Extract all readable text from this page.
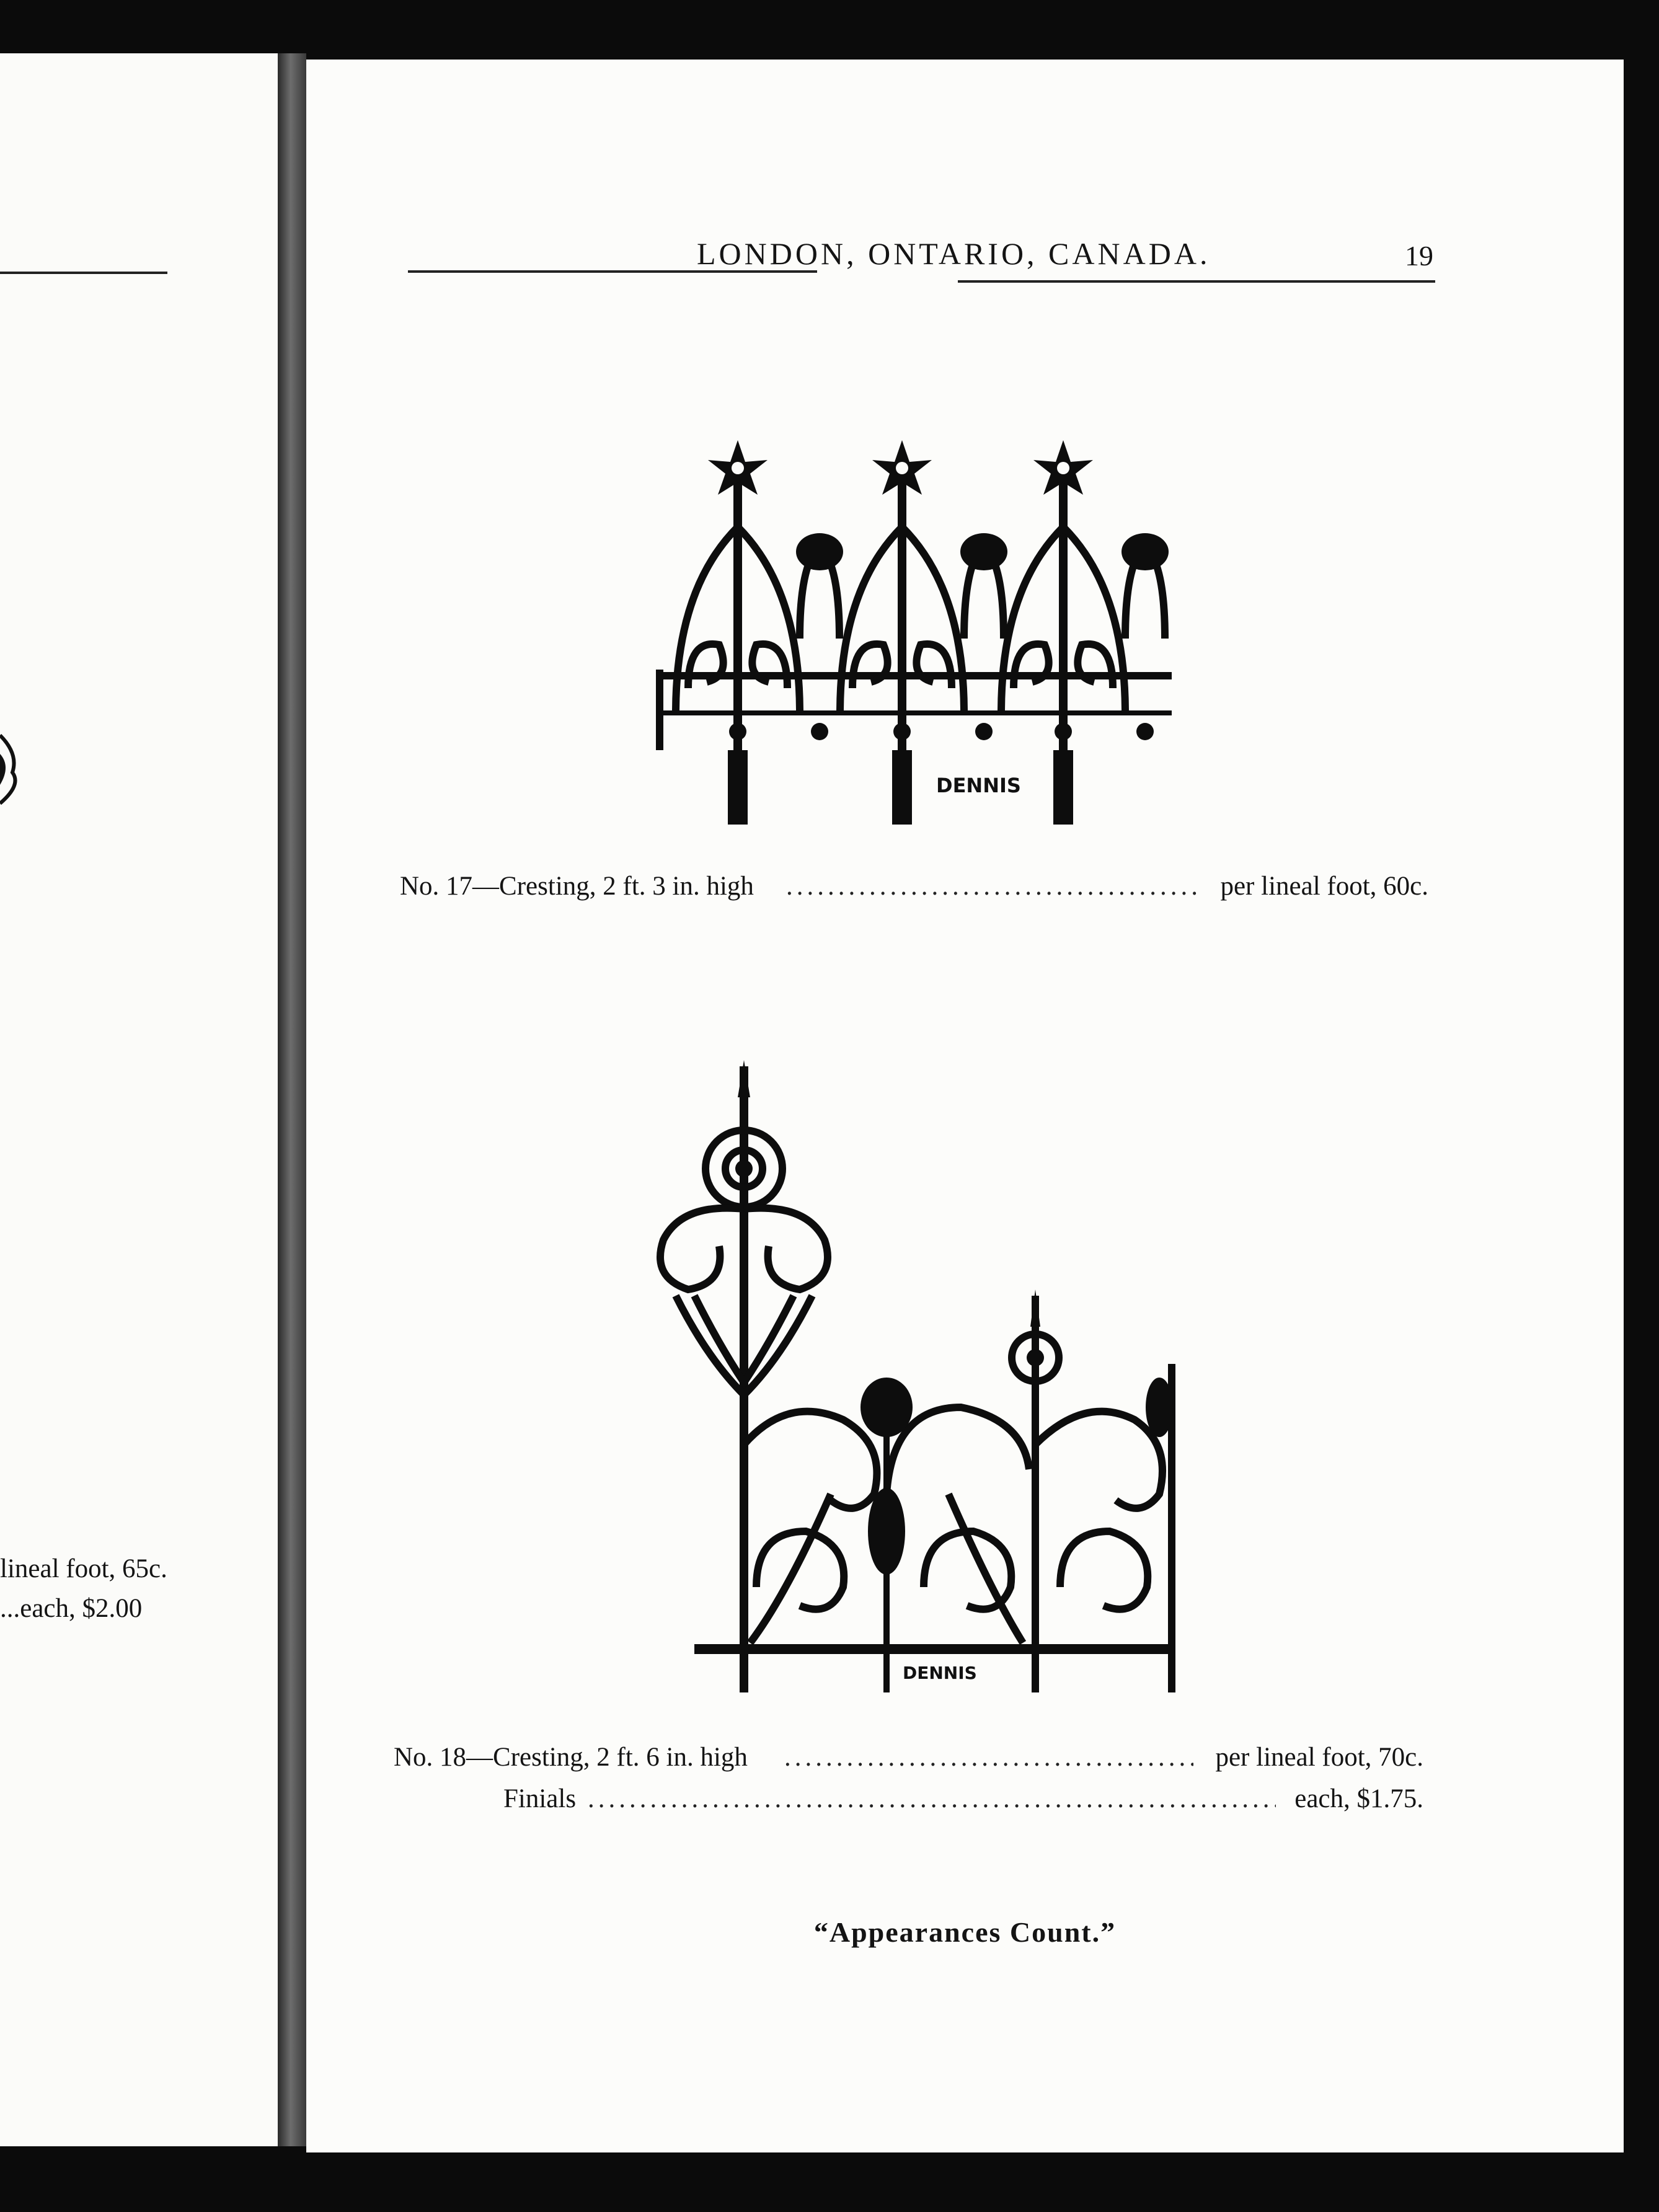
lineal foot, 65c.
...each, $2.00
LONDON, ONTARIO, CANADA.	19
DENNIS
No. 17—Cresting, 2 ft. 3 in. high .....	per lineal foot, 60c.
DENNIS
No. 18—Cresting, 2 ft. 6 in. high .....	per lineal foot, 70c.
Finials .....	each, $1.75.
“Appearances Count.”
